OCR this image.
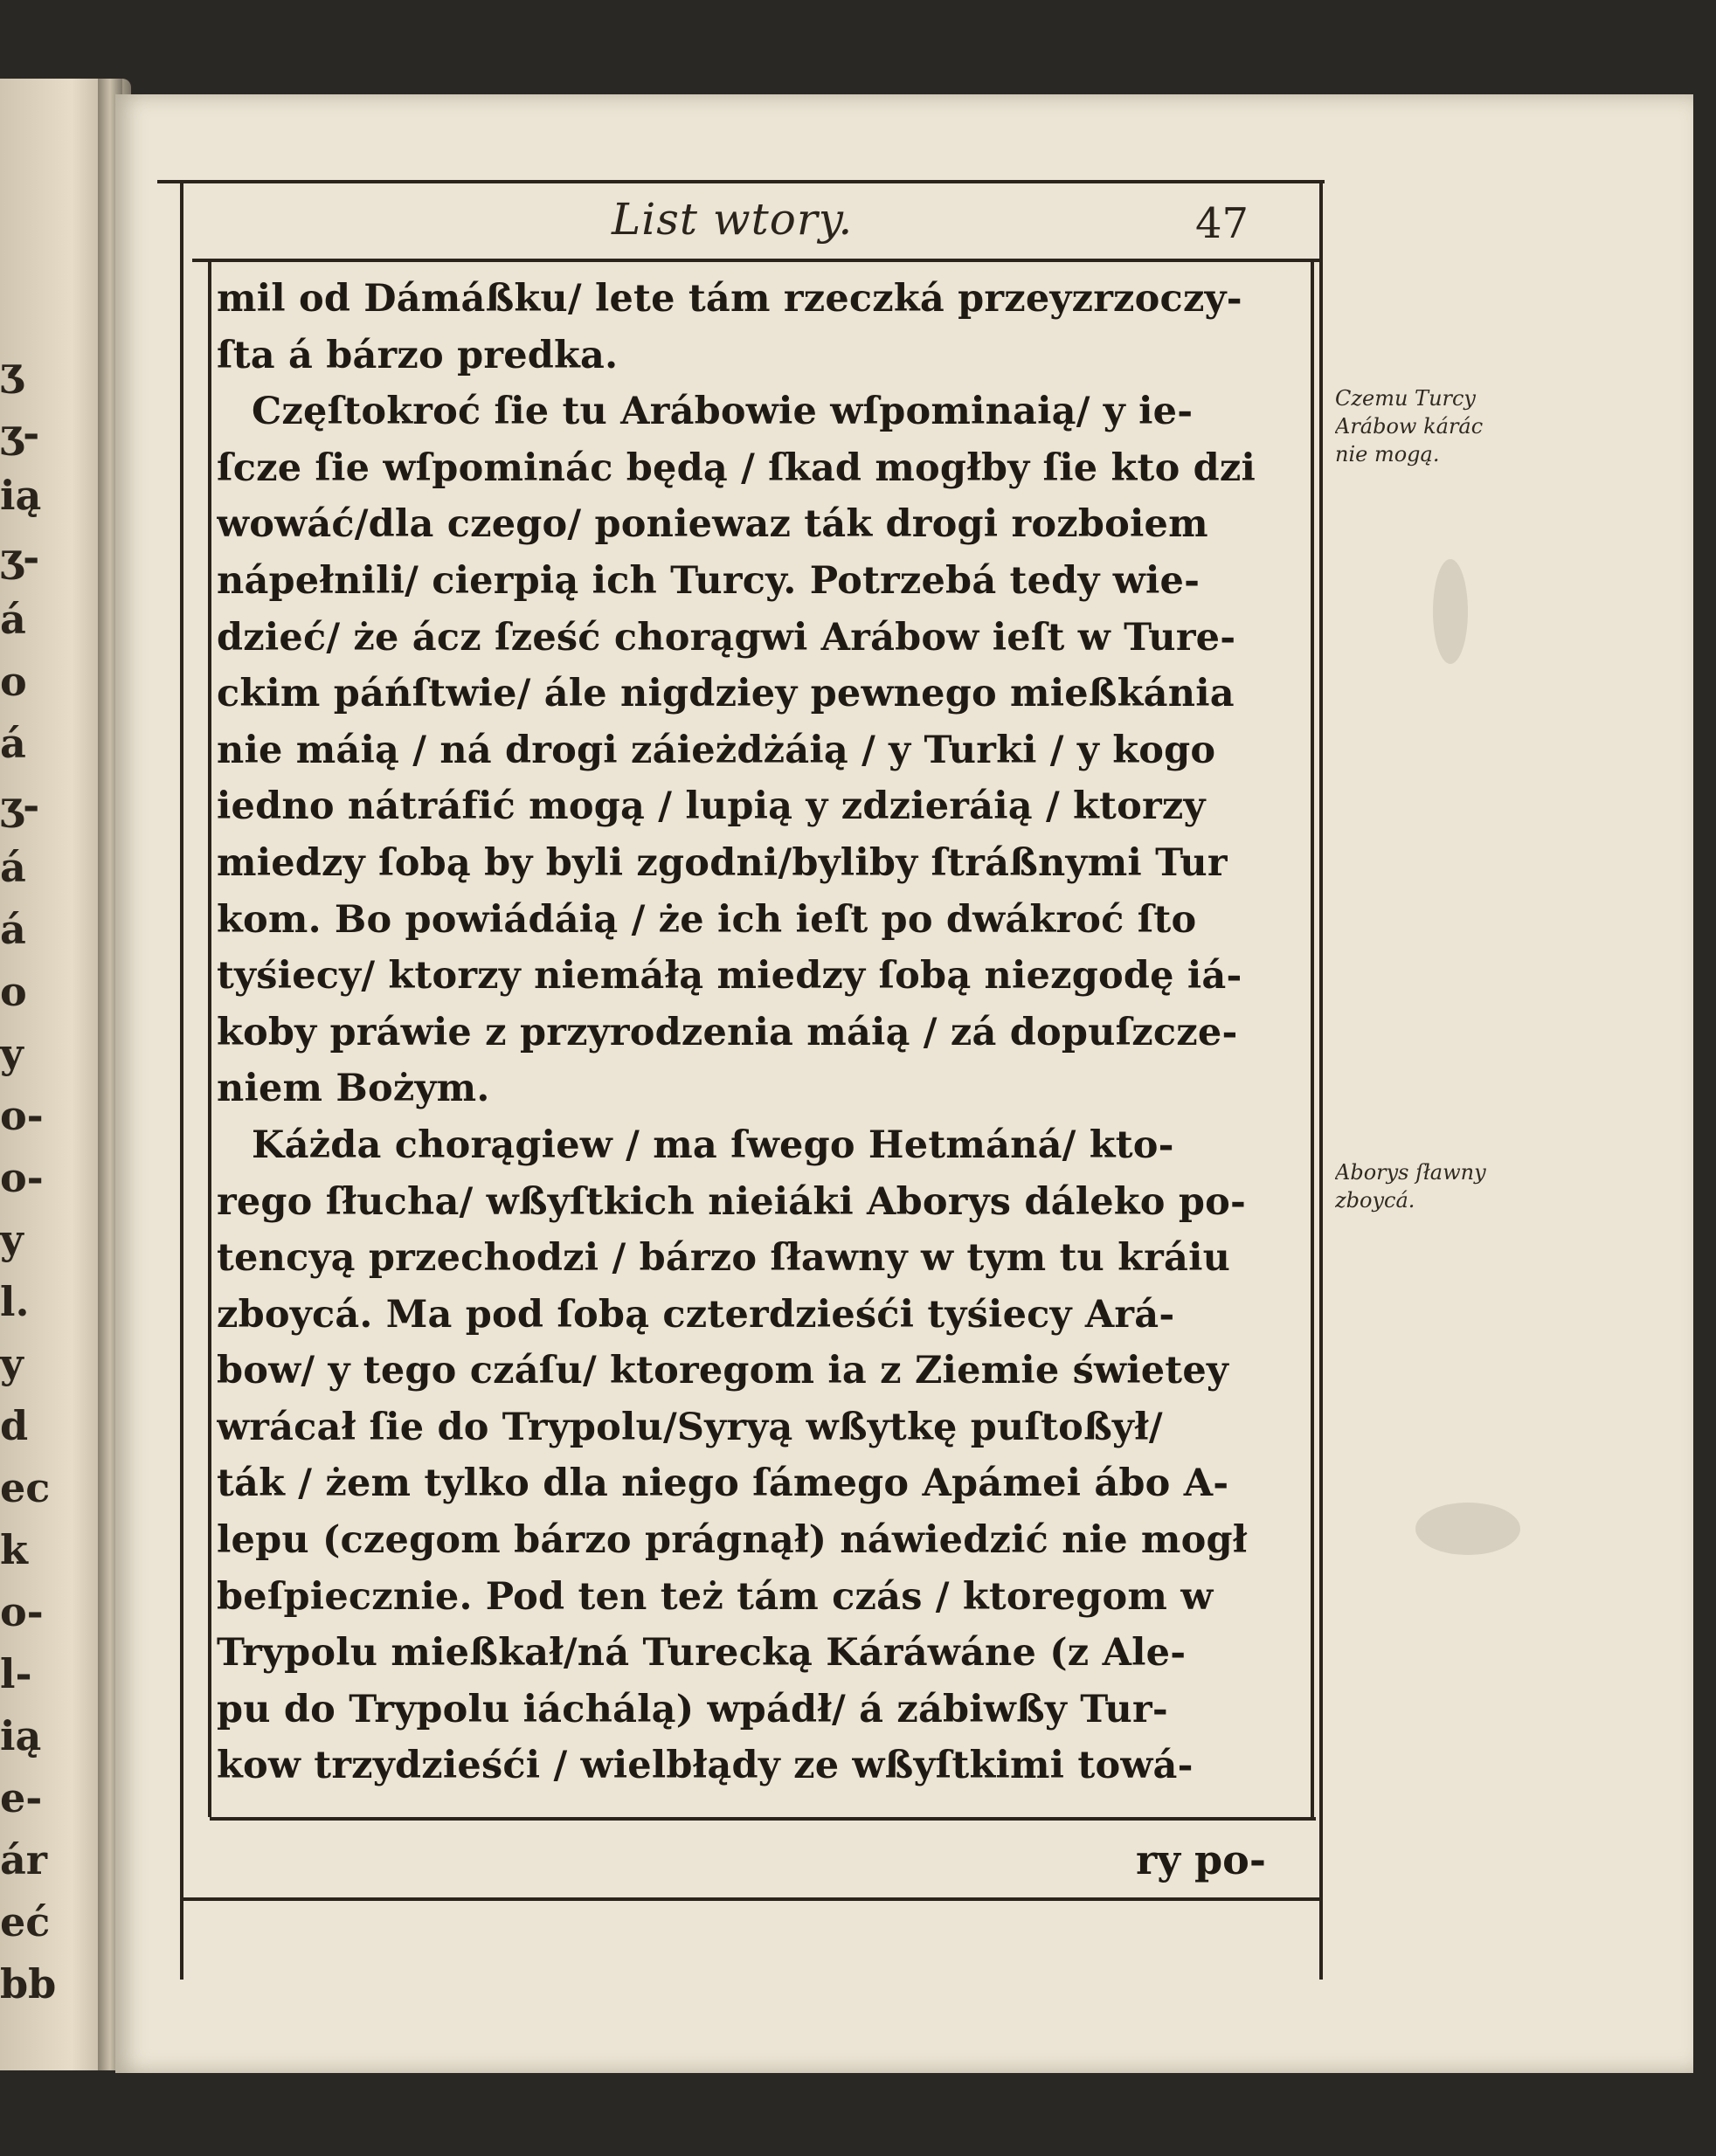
ʒ
ʒ-
ią
ʒ-
á
o
á
ʒ-
á
á
o
y
o-
o-
y
l.
y
d
ec
k
o-
l-
ią
e-
ár
eć
bb
List wtory.	47
mil od Dámáßku/ lete tám rzeczká przeyzrzoczy-
ſta á bárzo predka.
Częſtokroć ſie tu Arábowie wſpominaią/ y ie-
ſcze ſie wſpominác będą / ſkad mogłby ſie kto dzi
wowáć/dla czego/ poniewaz ták drogi rozboiem
nápełnili/ cierpią ich Turcy. Potrzebá tedy wie-
dzieć/ że ácz ſześć chorągwi Arábow ieſt w Ture-
ckim páńſtwie/ ále nigdziey pewnego mießkánia
nie máią / ná drogi záieżdżáią / y Turki / y kogo
iedno nátráfić mogą / lupią y zdzieráią / ktorzy
miedzy ſobą by byli zgodni/byliby ſtráßnymi Tur
kom. Bo powiádáią / że ich ieſt po dwákroć ſto
tyśiecy/ ktorzy niemáłą miedzy ſobą niezgodę iá-
koby práwie z przyrodzenia máią / zá dopuſzcze-
niem Bożym.
Káżda chorągiew / ma ſwego Hetmáná/ kto-
rego ſłucha/ wßyſtkich nieiáki Aborys dáleko po-
tencyą przechodzi / bárzo ſławny w tym tu kráiu
zboycá. Ma pod ſobą czterdzieśći tyśiecy Ará-
bow/ y tego czáſu/ ktoregom ia z Ziemie świetey
wrácał ſie do Trypolu/Syryą wßytkę puſtoßył/
ták / żem tylko dla niego ſámego Apámei ábo A-
lepu (czegom bárzo prágnął) náwiedzić nie mogł
beſpiecznie. Pod ten też tám czás / ktoregom w
Trypolu mießkał/ná Turecką Káráwáne (z Ale-
pu do Trypolu iáchálą) wpádł/ á zábiwßy Tur-
kow trzydzieśći / wielbłądy ze wßyſtkimi towá-
ry po-
Czemu Turcy
Arábow kárác
nie mogą.
Aborys ſławny
zboycá.
